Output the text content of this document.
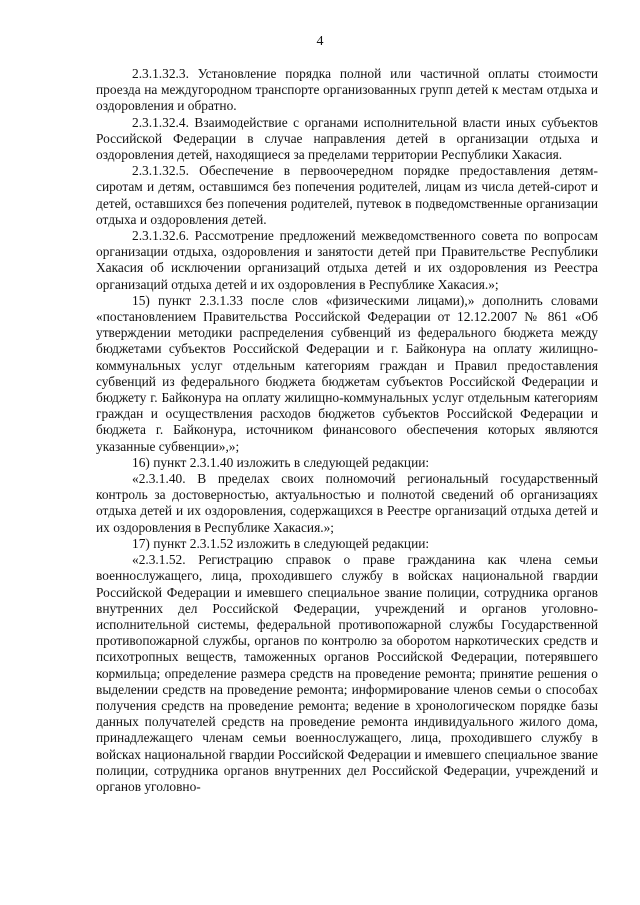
4

2.3.1.32.3. Установление порядка полной или частичной оплаты стоимости проезда на междугородном транспорте организованных групп детей к местам отдыха и оздоровления и обратно.

2.3.1.32.4. Взаимодействие с органами исполнительной власти иных субъектов Российской Федерации в случае направления детей в организации отдыха и оздоровления детей, находящиеся за пределами территории Республики Хакасия.

2.3.1.32.5. Обеспечение в первоочередном порядке предоставления детям-сиротам и детям, оставшимся без попечения родителей, лицам из числа детей-сирот и детей, оставшихся без попечения родителей, путевок в подведомственные организации отдыха и оздоровления детей.

2.3.1.32.6. Рассмотрение предложений межведомственного совета по вопросам организации отдыха, оздоровления и занятости детей при Правительстве Республики Хакасия об исключении организаций отдыха детей и их оздоровления из Реестра организаций отдыха детей и их оздоровления в Республике Хакасия.»;

15) пункт 2.3.1.33 после слов «физическими лицами),» дополнить словами «постановлением Правительства Российской Федерации от 12.12.2007 № 861 «Об утверждении методики распределения субвенций из федерального бюджета между бюджетами субъектов Российской Федерации и г. Байконура на оплату жилищно-коммунальных услуг отдельным категориям граждан и Правил предоставления субвенций из федерального бюджета бюджетам субъектов Российской Федерации и бюджету г. Байконура на оплату жилищно-коммунальных услуг отдельным категориям граждан и осуществления расходов бюджетов субъектов Российской Федерации и бюджета г. Байконура, источником финансового обеспечения которых являются указанные субвенции»,»;

16) пункт 2.3.1.40 изложить в следующей редакции:

«2.3.1.40. В пределах своих полномочий региональный государственный контроль за достоверностью, актуальностью и полнотой сведений об организациях отдыха детей и их оздоровления, содержащихся в Реестре организаций отдыха детей и их оздоровления в Республике Хакасия.»;

17) пункт 2.3.1.52 изложить в следующей редакции:

«2.3.1.52. Регистрацию справок о праве гражданина как члена семьи военнослужащего, лица, проходившего службу в войсках национальной гвардии Российской Федерации и имевшего специальное звание полиции, сотрудника органов внутренних дел Российской Федерации, учреждений и органов уголовно-исполнительной системы, федеральной противопожарной службы Государственной противопожарной службы, органов по контролю за оборотом наркотических средств и психотропных веществ, таможенных органов Российской Федерации, потерявшего кормильца; определение размера средств на проведение ремонта; принятие решения о выделении средств на проведение ремонта; информирование членов семьи о способах получения средств на проведение ремонта; ведение в хронологическом порядке базы данных получателей средств на проведение ремонта индивидуального жилого дома, принадлежащего членам семьи военнослужащего, лица, проходившего службу в войсках национальной гвардии Российской Федерации и имевшего специальное звание полиции, сотрудника органов внутренних дел Российской Федерации, учреждений и органов уголовно-
